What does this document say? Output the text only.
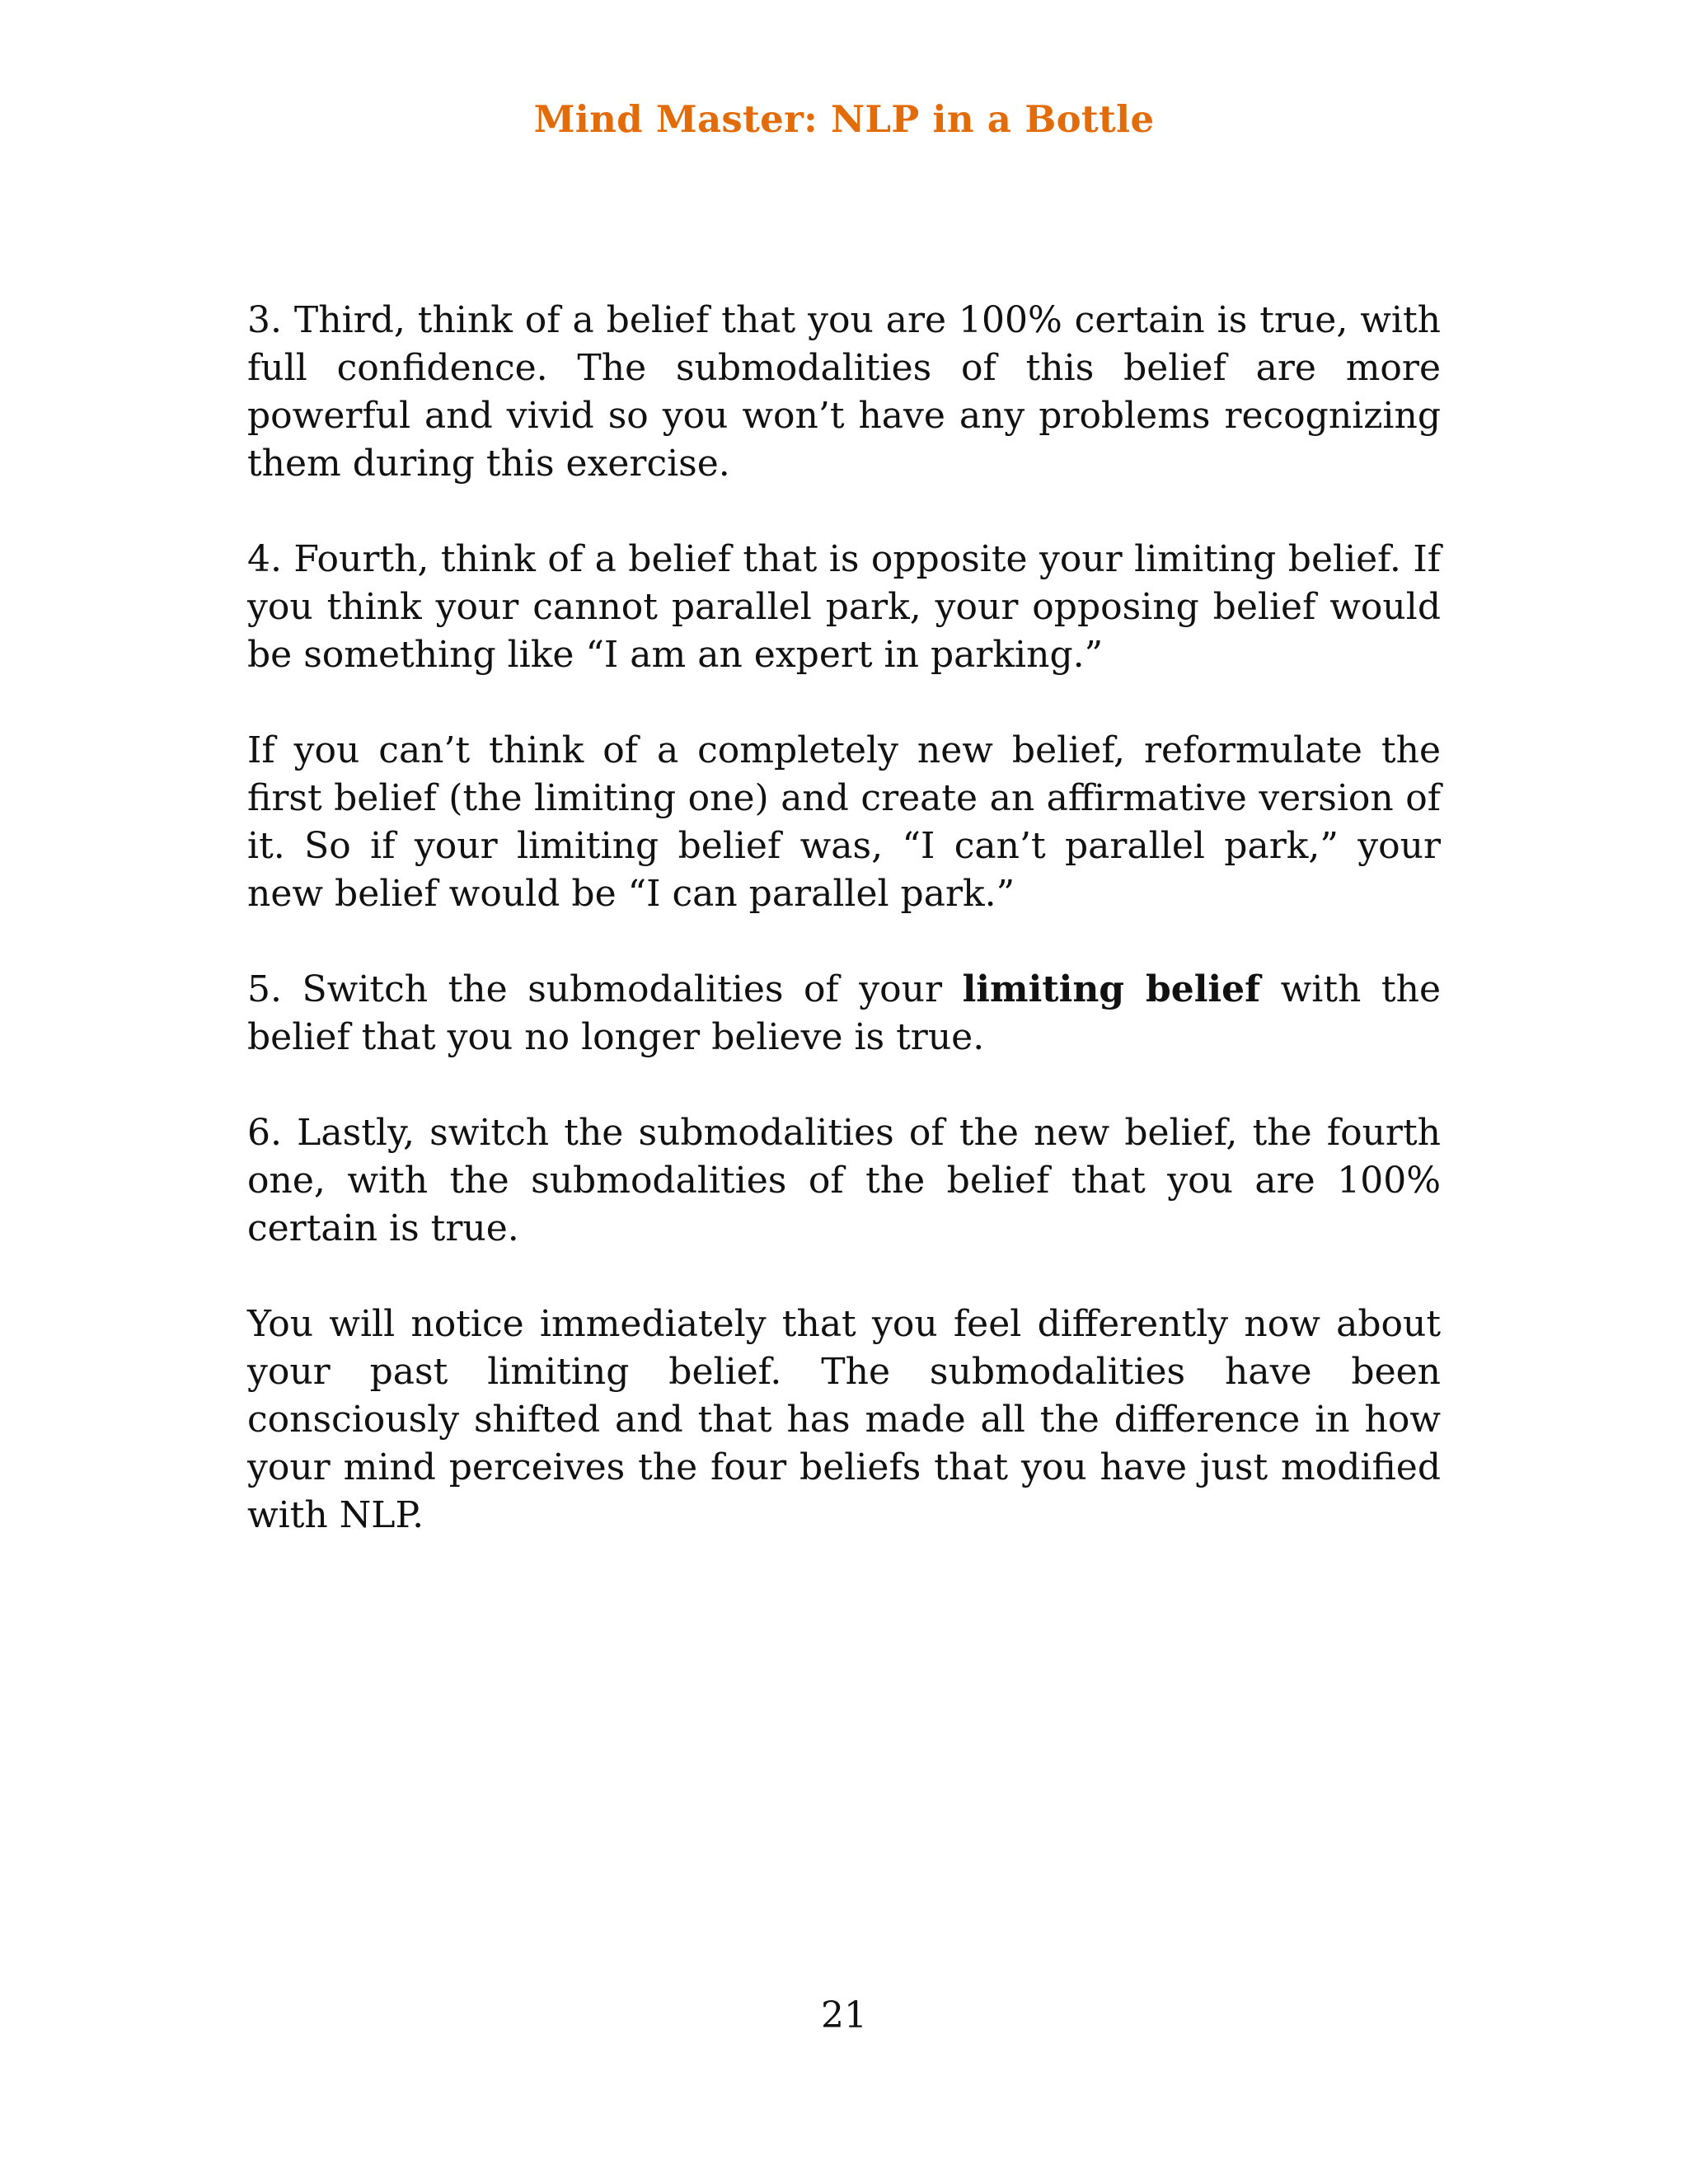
Mind Master: NLP in a Bottle

3. Third, think of a belief that you are 100% certain is true, with full confidence. The submodalities of this belief are more powerful and vivid so you won’t have any problems recognizing them during this exercise.

4. Fourth, think of a belief that is opposite your limiting belief. If you think your cannot parallel park, your opposing belief would be something like “I am an expert in parking.”

If you can’t think of a completely new belief, reformulate the first belief (the limiting one) and create an affirmative version of it. So if your limiting belief was, “I can’t parallel park,” your new belief would be “I can parallel park.”

5. Switch the submodalities of your limiting belief with the belief that you no longer believe is true.

6. Lastly, switch the submodalities of the new belief, the fourth one, with the submodalities of the belief that you are 100% certain is true.

You will notice immediately that you feel differently now about your past limiting belief. The submodalities have been consciously shifted and that has made all the difference in how your mind perceives the four beliefs that you have just modified with NLP.

21
